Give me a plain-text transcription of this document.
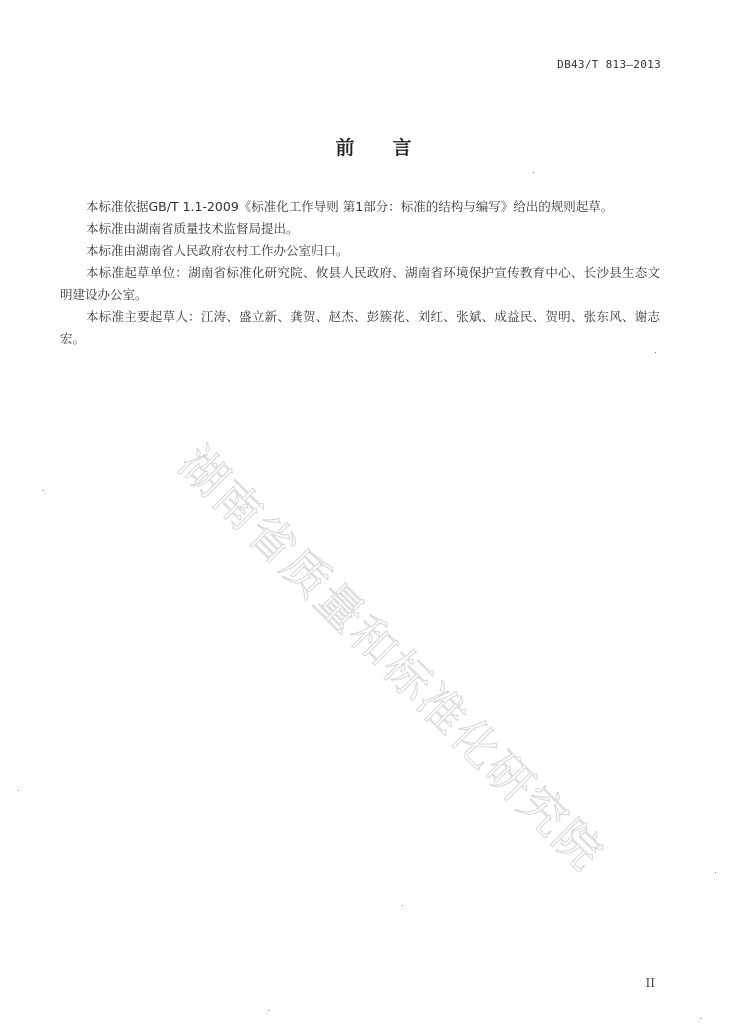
DB43/T 813—2013
前言

本标准依据GB/T 1.1-2009《标准化工作导则 第1部分：标准的结构与编写》给出的规则起草。

本标准由湖南省质量技术监督局提出。

本标准由湖南省人民政府农村工作办公室归口。

本标准起草单位：湖南省标准化研究院、攸县人民政府、湖南省环境保护宣传教育中心、长沙县生态文明建设办公室。

本标准主要起草人：江涛、盛立新、龚贺、赵杰、彭簇花、刘红、张斌、成益民、贺明、张东风、谢志宏。

湖南省质量和标准化研究院
II
